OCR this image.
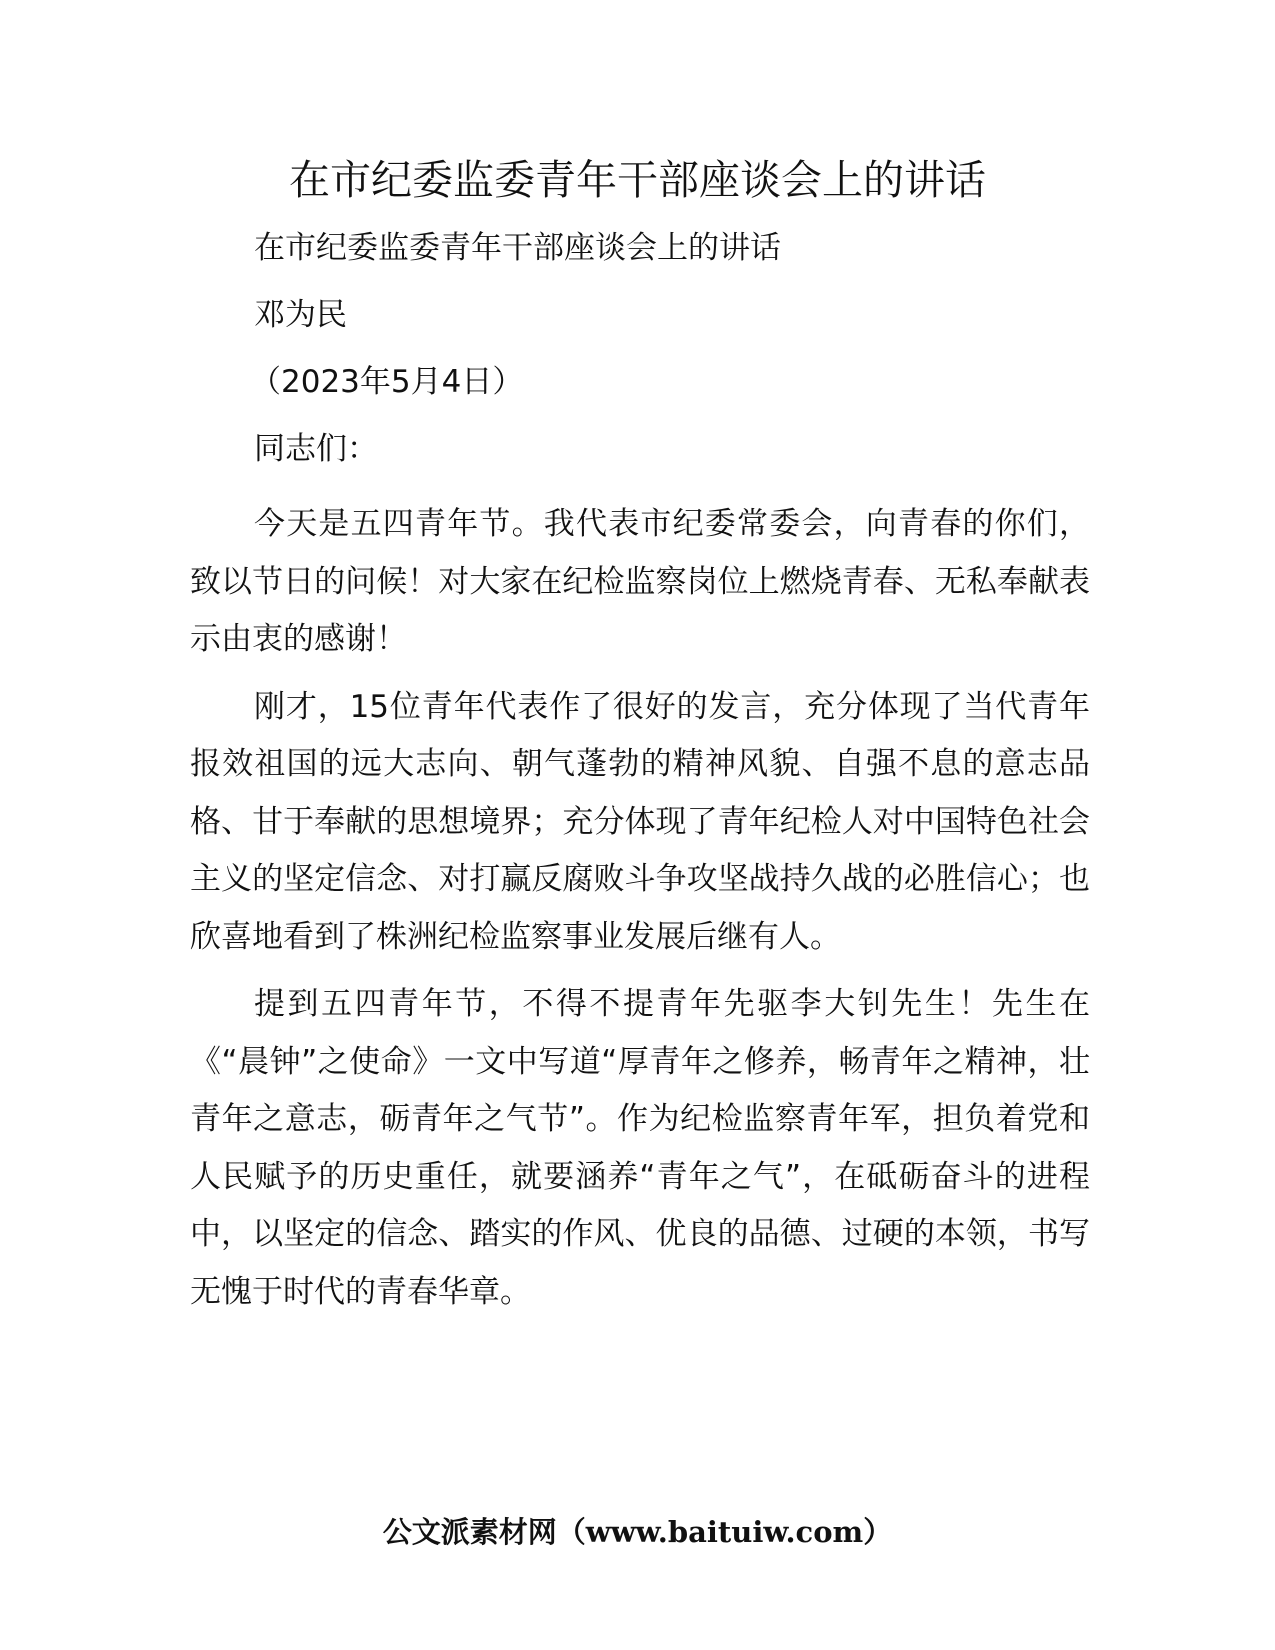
在市纪委监委青年干部座谈会上的讲话

在市纪委监委青年干部座谈会上的讲话

邓为民

（2023年5月4日）

同志们：

今天是五四青年节。我代表市纪委常委会，向青春的你们，致以节日的问候！对大家在纪检监察岗位上燃烧青春、无私奉献表示由衷的感谢！

刚才，15位青年代表作了很好的发言，充分体现了当代青年报效祖国的远大志向、朝气蓬勃的精神风貌、自强不息的意志品格、甘于奉献的思想境界；充分体现了青年纪检人对中国特色社会主义的坚定信念、对打赢反腐败斗争攻坚战持久战的必胜信心；也欣喜地看到了株洲纪检监察事业发展后继有人。

提到五四青年节，不得不提青年先驱李大钊先生！先生在《“晨钟”之使命》一文中写道“厚青年之修养，畅青年之精神，壮青年之意志，砺青年之气节”。作为纪检监察青年军，担负着党和人民赋予的历史重任，就要涵养“青年之气”，在砥砺奋斗的进程中，以坚定的信念、踏实的作风、优良的品德、过硬的本领，书写无愧于时代的青春华章。

公文派素材网（www.baituiw.com）
